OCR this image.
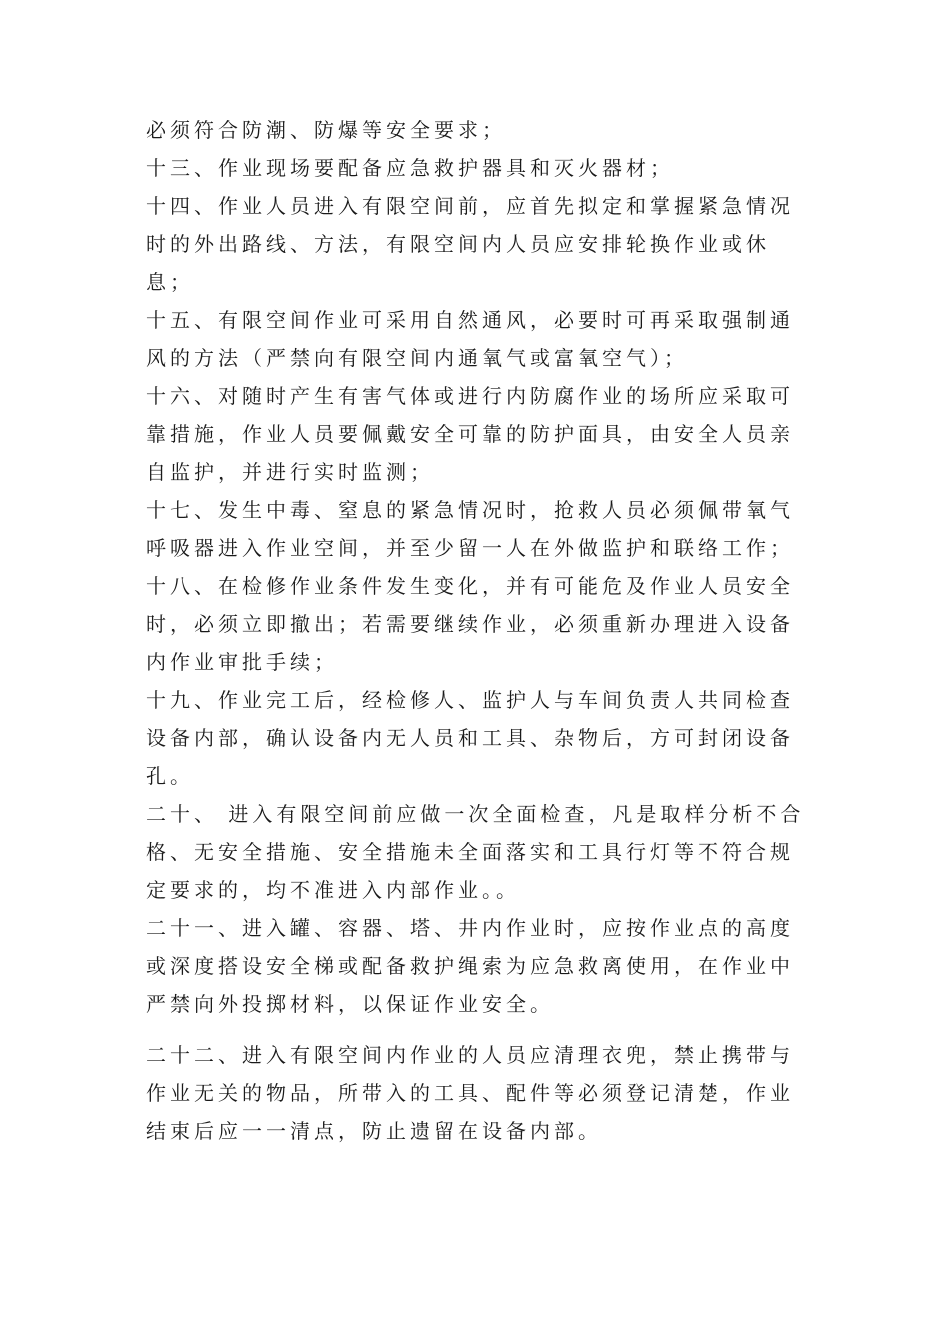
必须符合防潮、防爆等安全要求；

十三、作业现场要配备应急救护器具和灭火器材；

十四、作业人员进入有限空间前，应首先拟定和掌握紧急情况时的外出路线、方法，有限空间内人员应安排轮换作业或休息；

十五、有限空间作业可采用自然通风，必要时可再采取强制通风的方法（严禁向有限空间内通氧气或富氧空气）；

十六、对随时产生有害气体或进行内防腐作业的场所应采取可靠措施，作业人员要佩戴安全可靠的防护面具，由安全人员亲自监护，并进行实时监测；

十七、发生中毒、窒息的紧急情况时，抢救人员必须佩带氧气呼吸器进入作业空间，并至少留一人在外做监护和联络工作；

十八、在检修作业条件发生变化，并有可能危及作业人员安全时，必须立即撤出；若需要继续作业，必须重新办理进入设备内作业审批手续；

十九、作业完工后，经检修人、监护人与车间负责人共同检查设备内部，确认设备内无人员和工具、杂物后，方可封闭设备孔。

二十、 进入有限空间前应做一次全面检查，凡是取样分析不合格、无安全措施、安全措施未全面落实和工具行灯等不符合规定要求的，均不准进入内部作业。。

二十一、进入罐、容器、塔、井内作业时，应按作业点的高度或深度搭设安全梯或配备救护绳索为应急救离使用，在作业中严禁向外投掷材料，以保证作业安全。

二十二、进入有限空间内作业的人员应清理衣兜，禁止携带与作业无关的物品，所带入的工具、配件等必须登记清楚，作业结束后应一一清点，防止遗留在设备内部。
